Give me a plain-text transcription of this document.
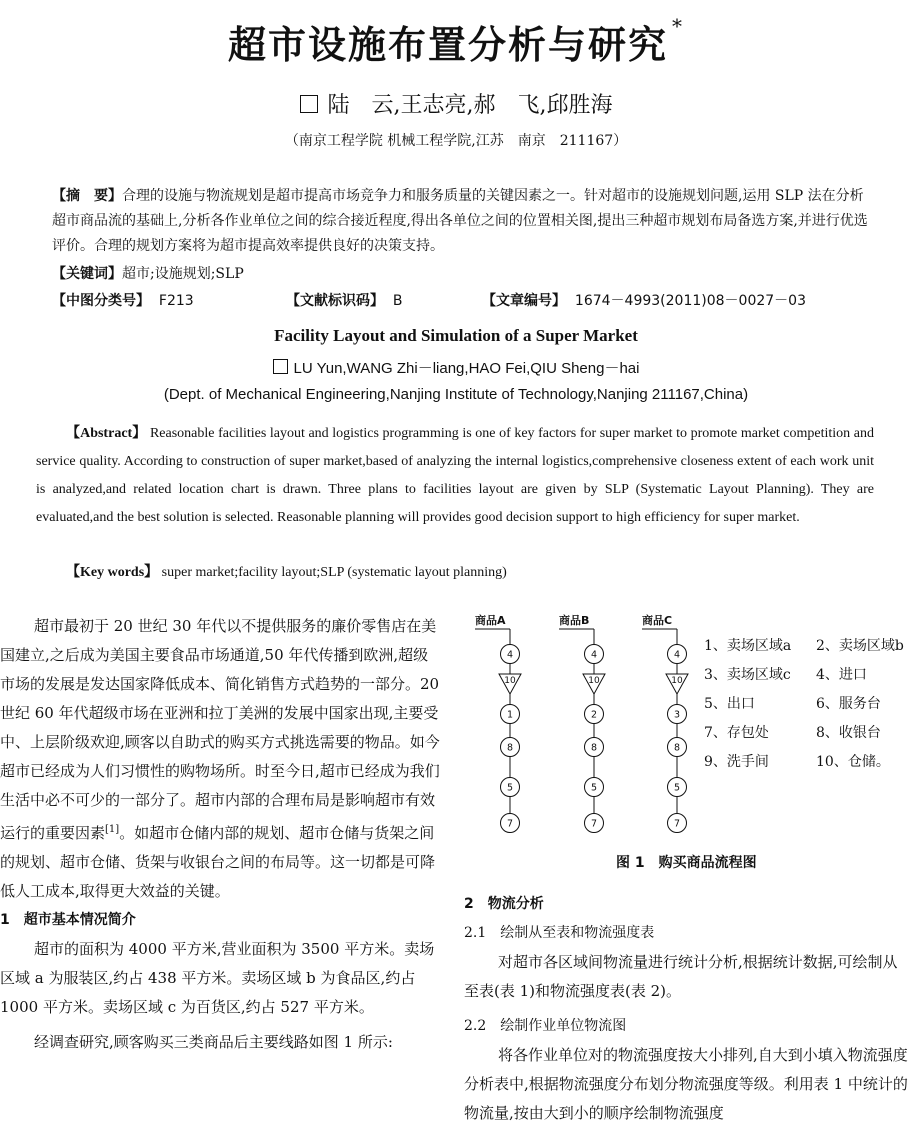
超市设施布置分析与研究 *
陆　云,王志亮,郝　飞,邱胜海
（南京工程学院 机械工程学院,江苏　南京　211167）
【摘　要】合理的设施与物流规划是超市提高市场竞争力和服务质量的关键因素之一。针对超市的设施规划问题,运用 SLP 法在分析超市商品流的基础上,分析各作业单位之间的综合接近程度,得出各单位之间的位置相关图,提出三种超市规划布局备选方案,并进行优选评价。合理的规划方案将为超市提高效率提供良好的决策支持。
【关键词】超市;设施规划;SLP
【中图分类号】 F213	【文献标识码】 B	【文章编号】 1674－4993(2011)08－0027－03
Facility Layout and Simulation of a Super Market
LU Yun,WANG Zhi－liang,HAO Fei,QIU Sheng－hai
(Dept. of Mechanical Engineering,Nanjing Institute of Technology,Nanjing 211167,China)
【Abstract】 Reasonable facilities layout and logistics programming is one of key factors for super market to promote market competition and service quality. According to construction of super market,based of analyzing the internal logistics,comprehensive closeness extent of each work unit is analyzed,and related location chart is drawn. Three plans to facilities layout are given by SLP (Systematic Layout Planning). They are evaluated,and the best solution is selected. Reasonable planning will provides good decision support to high efficiency for super market.
【Key words】 super market;facility layout;SLP (systematic layout planning)

超市最初于 20 世纪 30 年代以不提供服务的廉价零售店在美国建立,之后成为美国主要食品市场通道,50 年代传播到欧洲,超级市场的发展是发达国家降低成本、简化销售方式趋势的一部分。20 世纪 60 年代超级市场在亚洲和拉丁美洲的发展中国家出现,主要受中、上层阶级欢迎,顾客以自助式的购买方式挑选需要的物品。如今超市已经成为人们习惯性的购物场所。时至今日,超市已经成为我们生活中必不可少的一部分了。超市内部的合理布局是影响超市有效运行的重要因素[1]。如超市仓储内部的规划、超市仓储与货架之间的规划、超市仓储、货架与收银台之间的布局等。这一切都是可降低人工成本,取得更大效益的关键。

1　超市基本情况简介

超市的面积为 4000 平方米,营业面积为 3500 平方米。卖场区域 a 为服装区,约占 438 平方米。卖场区域 b 为食品区,约占 1000 平方米。卖场区域 c 为百货区,约占 527 平方米。

经调查研究,顾客购买三类商品后主要线路如图 1 所示:

商品A
4
10
1
8
5
7
商品B
4
10
2
8
5
7
商品C
4
10
3
8
5
7
1、卖场区域a 2、卖场区域b
3、卖场区域c 4、进口
5、出口	6、服务台
7、存包处	8、收银台
9、洗手间	10、仓储。
图 1　购买商品流程图

2　物流分析

2.1　绘制从至表和物流强度表

对超市各区域间物流量进行统计分析,根据统计数据,可绘制从至表(表 1)和物流强度表(表 2)。

2.2　绘制作业单位物流图

将各作业单位对的物流强度按大小排列,自大到小填入物流强度分析表中,根据物流强度分布划分物流强度等级。利用表 1 中统计的物流量,按由大到小的顺序绘制物流强度
